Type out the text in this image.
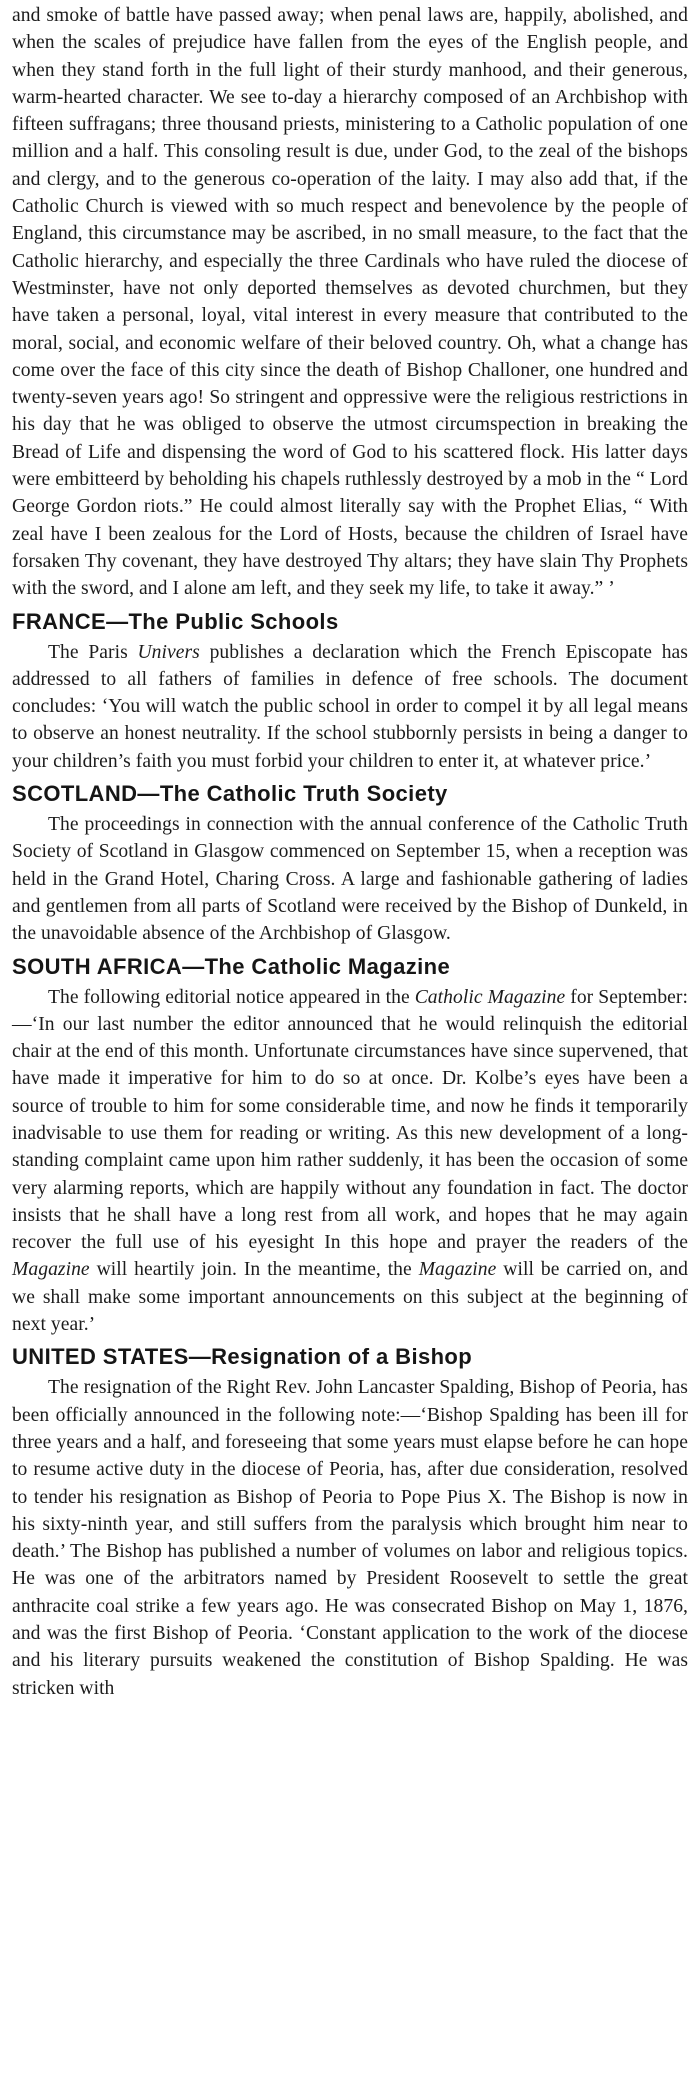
and smoke of battle have passed away; when penal laws are, happily, abolished, and when the scales of prejudice have fallen from the eyes of the English people, and when they stand forth in the full light of their sturdy manhood, and their generous, warm-hearted character. We see to-day a hierarchy composed of an Archbishop with fifteen suffragans; three thousand priests, ministering to a Catholic population of one million and a half. This consoling result is due, under God, to the zeal of the bishops and clergy, and to the generous co-operation of the laity. I may also add that, if the Catholic Church is viewed with so much respect and benevolence by the people of England, this circumstance may be ascribed, in no small measure, to the fact that the Catholic hierarchy, and especially the three Cardinals who have ruled the diocese of Westminster, have not only deported themselves as devoted churchmen, but they have taken a personal, loyal, vital interest in every measure that contributed to the moral, social, and economic welfare of their beloved country. Oh, what a change has come over the face of this city since the death of Bishop Challoner, one hundred and twenty-seven years ago! So stringent and oppressive were the religious restrictions in his day that he was obliged to observe the utmost circumspection in breaking the Bread of Life and dispensing the word of God to his scattered flock. His latter days were embitteerd by beholding his chapels ruthlessly destroyed by a mob in the “ Lord George Gordon riots.” He could almost literally say with the Prophet Elias, “ With zeal have I been zealous for the Lord of Hosts, because the children of Israel have forsaken Thy covenant, they have destroyed Thy altars; they have slain Thy Prophets with the sword, and I alone am left, and they seek my life, to take it away.” ’

FRANCE—The Public Schools

The Paris Univers publishes a declaration which the French Episcopate has addressed to all fathers of families in defence of free schools. The document concludes: ‘You will watch the public school in order to compel it by all legal means to observe an honest neutrality. If the school stubbornly persists in being a danger to your children’s faith you must forbid your children to enter it, at whatever price.’

SCOTLAND—The Catholic Truth Society

The proceedings in connection with the annual conference of the Catholic Truth Society of Scotland in Glasgow commenced on September 15, when a reception was held in the Grand Hotel, Charing Cross. A large and fashionable gathering of ladies and gentlemen from all parts of Scotland were received by the Bishop of Dunkeld, in the unavoidable absence of the Archbishop of Glasgow.

SOUTH AFRICA—The Catholic Magazine

The following editorial notice appeared in the Catholic Magazine for September:—‘In our last number the editor announced that he would relinquish the editorial chair at the end of this month. Unfortunate circumstances have since supervened, that have made it imperative for him to do so at once. Dr. Kolbe’s eyes have been a source of trouble to him for some considerable time, and now he finds it temporarily inadvisable to use them for reading or writing. As this new development of a long-standing complaint came upon him rather suddenly, it has been the occasion of some very alarming reports, which are happily without any foundation in fact. The doctor insists that he shall have a long rest from all work, and hopes that he may again recover the full use of his eyesight In this hope and prayer the readers of the Magazine will heartily join. In the meantime, the Magazine will be carried on, and we shall make some important announcements on this subject at the beginning of next year.’

UNITED STATES—Resignation of a Bishop

The resignation of the Right Rev. John Lancaster Spalding, Bishop of Peoria, has been officially announced in the following note:—‘Bishop Spalding has been ill for three years and a half, and foreseeing that some years must elapse before he can hope to resume active duty in the diocese of Peoria, has, after due consideration, resolved to tender his resignation as Bishop of Peoria to Pope Pius X. The Bishop is now in his sixty-ninth year, and still suffers from the paralysis which brought him near to death.’ The Bishop has published a number of volumes on labor and religious topics. He was one of the arbitrators named by President Roosevelt to settle the great anthracite coal strike a few years ago. He was consecrated Bishop on May 1, 1876, and was the first Bishop of Peoria. ‘Constant application to the work of the diocese and his literary pursuits weakened the constitution of Bishop Spalding. He was stricken with
